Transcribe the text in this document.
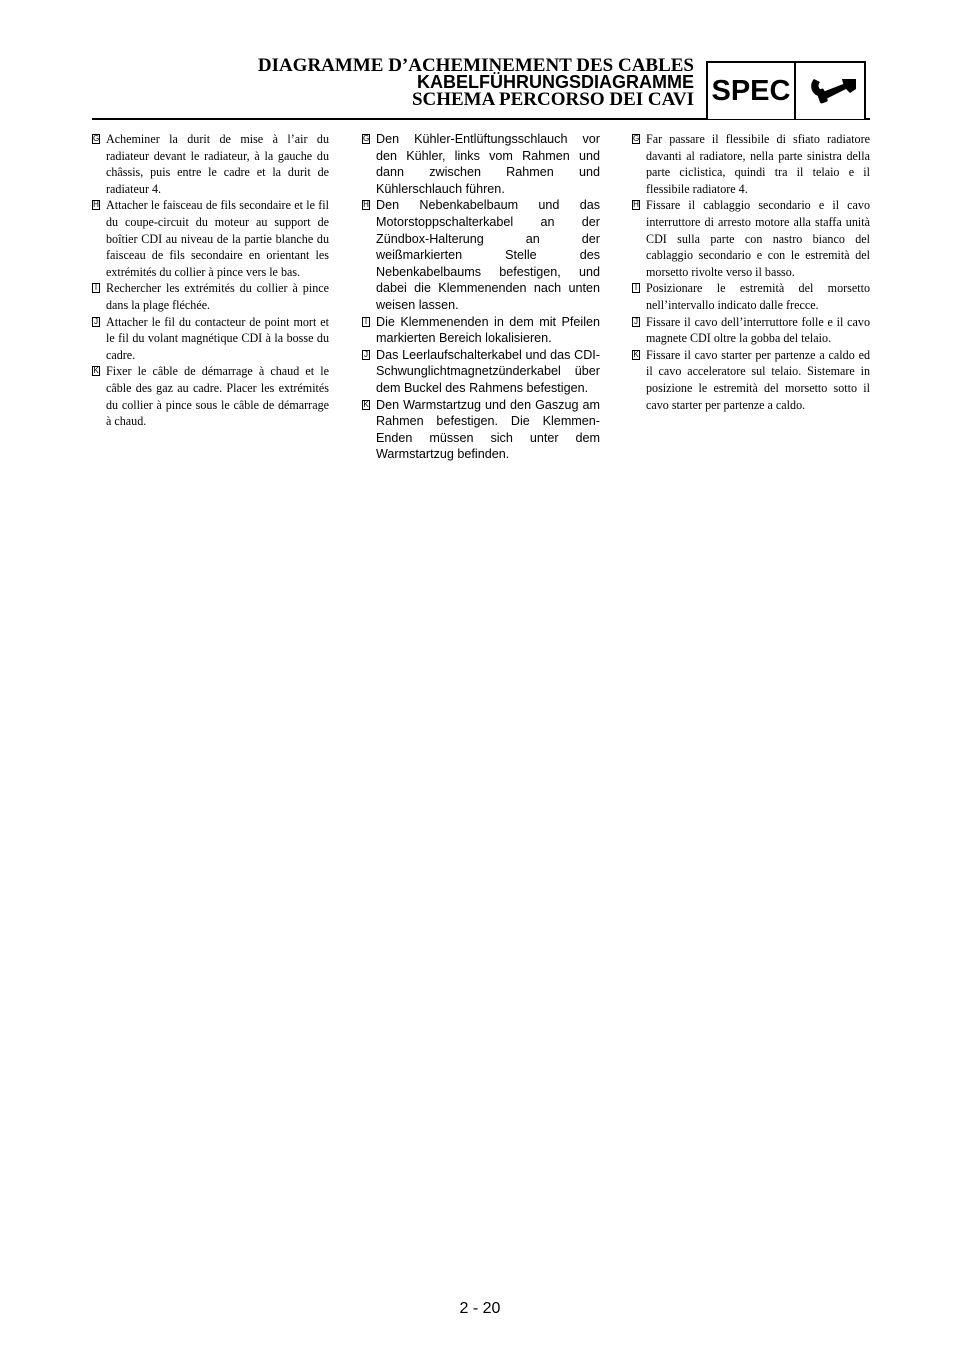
DIAGRAMME D’ACHEMINEMENT DES CABLES
KABELFÜHRUNGSDIAGRAMME
SCHEMA PERCORSO DEI CAVI SPEC

G Acheminer la durit de mise à l’air du radiateur devant le radiateur, à la gauche du châssis, puis entre le cadre et la durit de radiateur 4.

H Attacher le faisceau de fils secondaire et le fil du coupe-circuit du moteur au support de boîtier CDI au niveau de la partie blanche du faisceau de fils secondaire en orientant les extrémités du collier à pince vers le bas.

I Rechercher les extrémités du collier à pince dans la plage fléchée.

J Attacher le fil du contacteur de point mort et le fil du volant magnétique CDI à la bosse du cadre.

K Fixer le câble de démarrage à chaud et le câble des gaz au cadre. Placer les extrémités du collier à pince sous le câble de démarrage à chaud.

G Den Kühler-Entlüftungsschlauch vor den Kühler, links vom Rahmen und dann zwischen Rahmen und Kühlerschlauch führen.

H Den Nebenkabelbaum und das Motorstoppschalterkabel an der Zündbox-Halterung an der weißmarkierten Stelle des Nebenkabelbaums befestigen, und dabei die Klemmenenden nach unten weisen lassen.

I Die Klemmenenden in dem mit Pfeilen markierten Bereich lokalisieren.

J Das Leerlaufschalterkabel und das CDI-Schwunglichtmagnetzünderkabel über dem Buckel des Rahmens befestigen.

K Den Warmstartzug und den Gaszug am Rahmen befestigen. Die Klemmen-Enden müssen sich unter dem Warmstartzug befinden.

G Far passare il flessibile di sfiato radiatore davanti al radiatore, nella parte sinistra della parte ciclistica, quindi tra il telaio e il flessibile radiatore 4.

H Fissare il cablaggio secondario e il cavo interruttore di arresto motore alla staffa unità CDI sulla parte con nastro bianco del cablaggio secondario e con le estremità del morsetto rivolte verso il basso.

I Posizionare le estremità del morsetto nell’intervallo indicato dalle frecce.

J Fissare il cavo dell’interruttore folle e il cavo magnete CDI oltre la gobba del telaio.

K Fissare il cavo starter per partenze a caldo ed il cavo acceleratore sul telaio. Sistemare in posizione le estremità del morsetto sotto il cavo starter per partenze a caldo.

2 - 20
